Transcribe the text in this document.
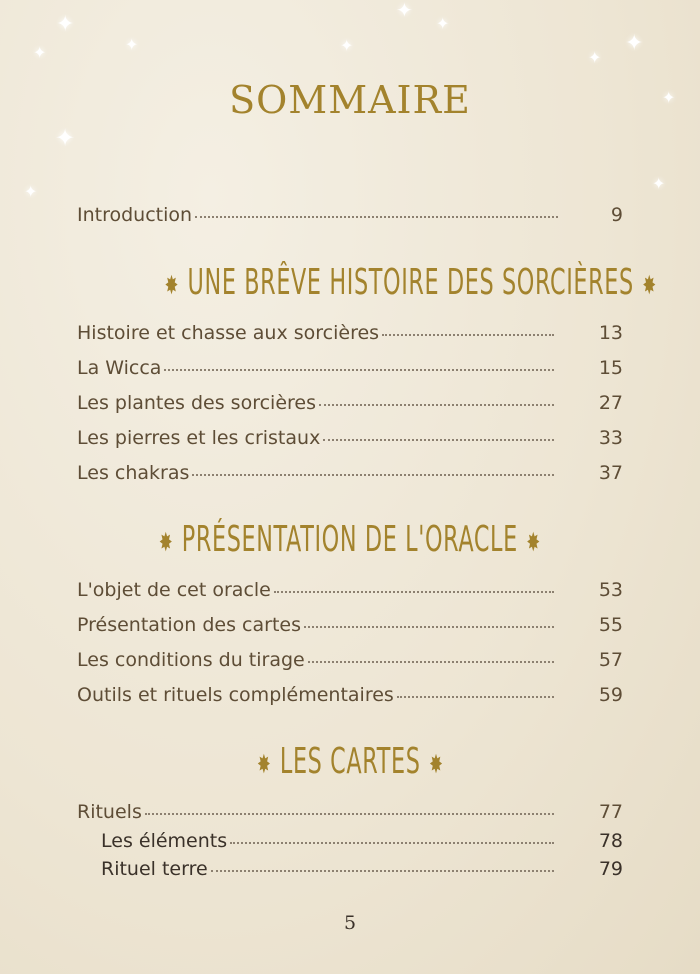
✦
✦	✦
✦
✦
✦
✦
✦	✦
✦
✦
✦
SOMMAIRE
Introduction	9
✸ UNE BRÊVE HISTOIRE DES SORCIÈRES ✸
Histoire et chasse aux sorcières	13
La Wicca	15
Les plantes des sorcières	27
Les pierres et les cristaux	33
Les chakras	37
✸ PRÉSENTATION DE L'ORACLE ✸
L'objet de cet oracle	53
Présentation des cartes	55
Les conditions du tirage	57
Outils et rituels complémentaires	59
✸ LES CARTES ✸
Rituels	77
Les éléments	78
Rituel terre	79
5
